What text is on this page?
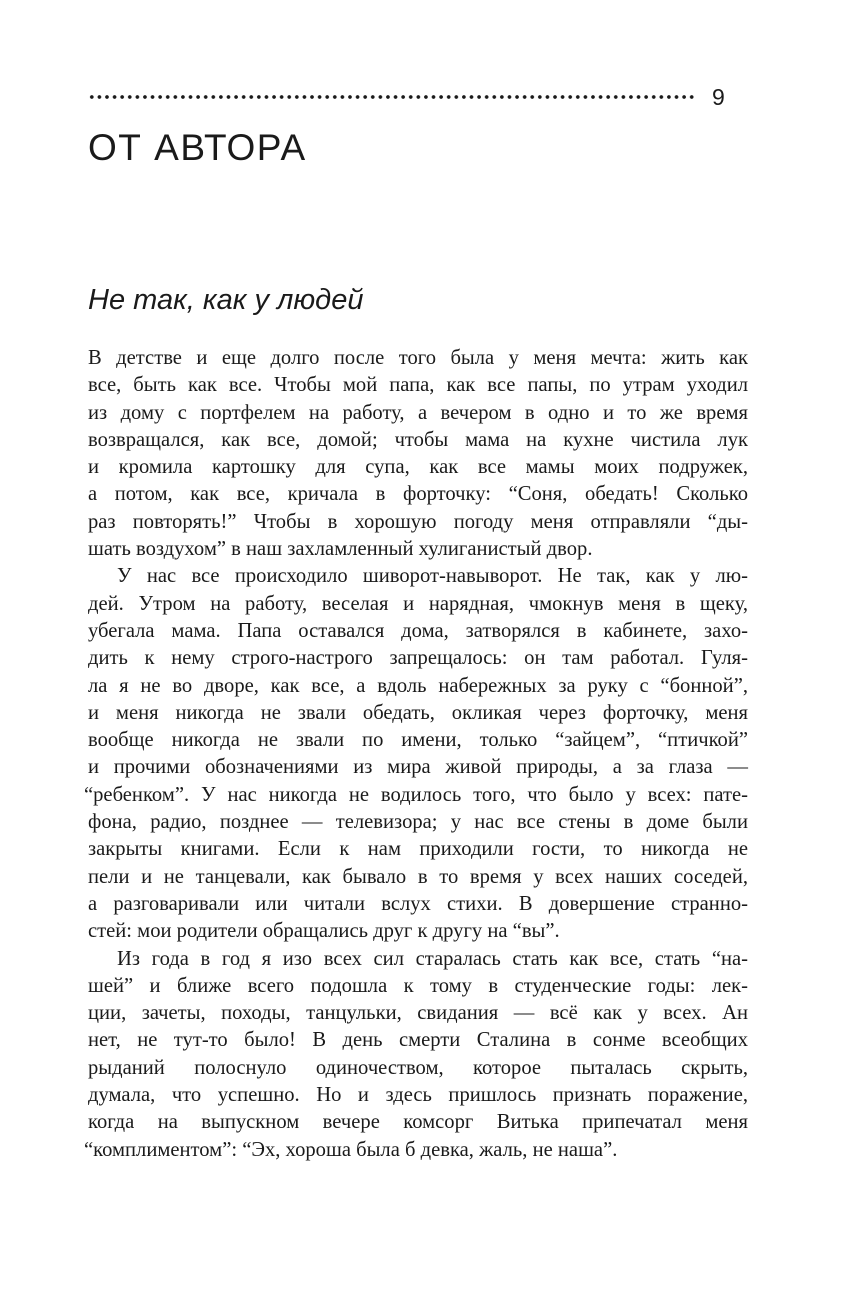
9
ОТ АВТОРА
Не так, как у людей
В детстве и еще долго после того была у меня мечта: жить как
все, быть как все. Чтобы мой папа, как все папы, по утрам уходил
из дому с портфелем на работу, а вечером в одно и то же время
возвращался, как все, домой; чтобы мама на кухне чистила лук
и кромила картошку для супа, как все мамы моих подружек,
а потом, как все, кричала в форточку: “Соня, обедать! Сколько
раз повторять!” Чтобы в хорошую погоду меня отправляли “ды-
шать воздухом” в наш захламленный хулиганистый двор.
У нас все происходило шиворот-навыворот. Не так, как у лю-
дей. Утром на работу, веселая и нарядная, чмокнув меня в щеку,
убегала мама. Папа оставался дома, затворялся в кабинете, захо-
дить к нему строго-настрого запрещалось: он там работал. Гуля-
ла я не во дворе, как все, а вдоль набережных за руку с “бонной”,
и меня никогда не звали обедать, окликая через форточку, меня
вообще никогда не звали по имени, только “зайцем”, “птичкой”
и прочими обозначениями из мира живой природы, а за глаза —
“ребенком”. У нас никогда не водилось того, что было у всех: пате-
фона, радио, позднее — телевизора; у нас все стены в доме были
закрыты книгами. Если к нам приходили гости, то никогда не
пели и не танцевали, как бывало в то время у всех наших соседей,
а разговаривали или читали вслух стихи. В довершение странно-
стей: мои родители обращались друг к другу на “вы”.
Из года в год я изо всех сил старалась стать как все, стать “на-
шей” и ближе всего подошла к тому в студенческие годы: лек-
ции, зачеты, походы, танцульки, свидания — всё как у всех. Ан
нет, не тут-то было! В день смерти Сталина в сонме всеобщих
рыданий полоснуло одиночеством, которое пыталась скрыть,
думала, что успешно. Но и здесь пришлось признать поражение,
когда на выпускном вечере комсорг Витька припечатал меня
“комплиментом”: “Эх, хороша была б девка, жаль, не наша”.
